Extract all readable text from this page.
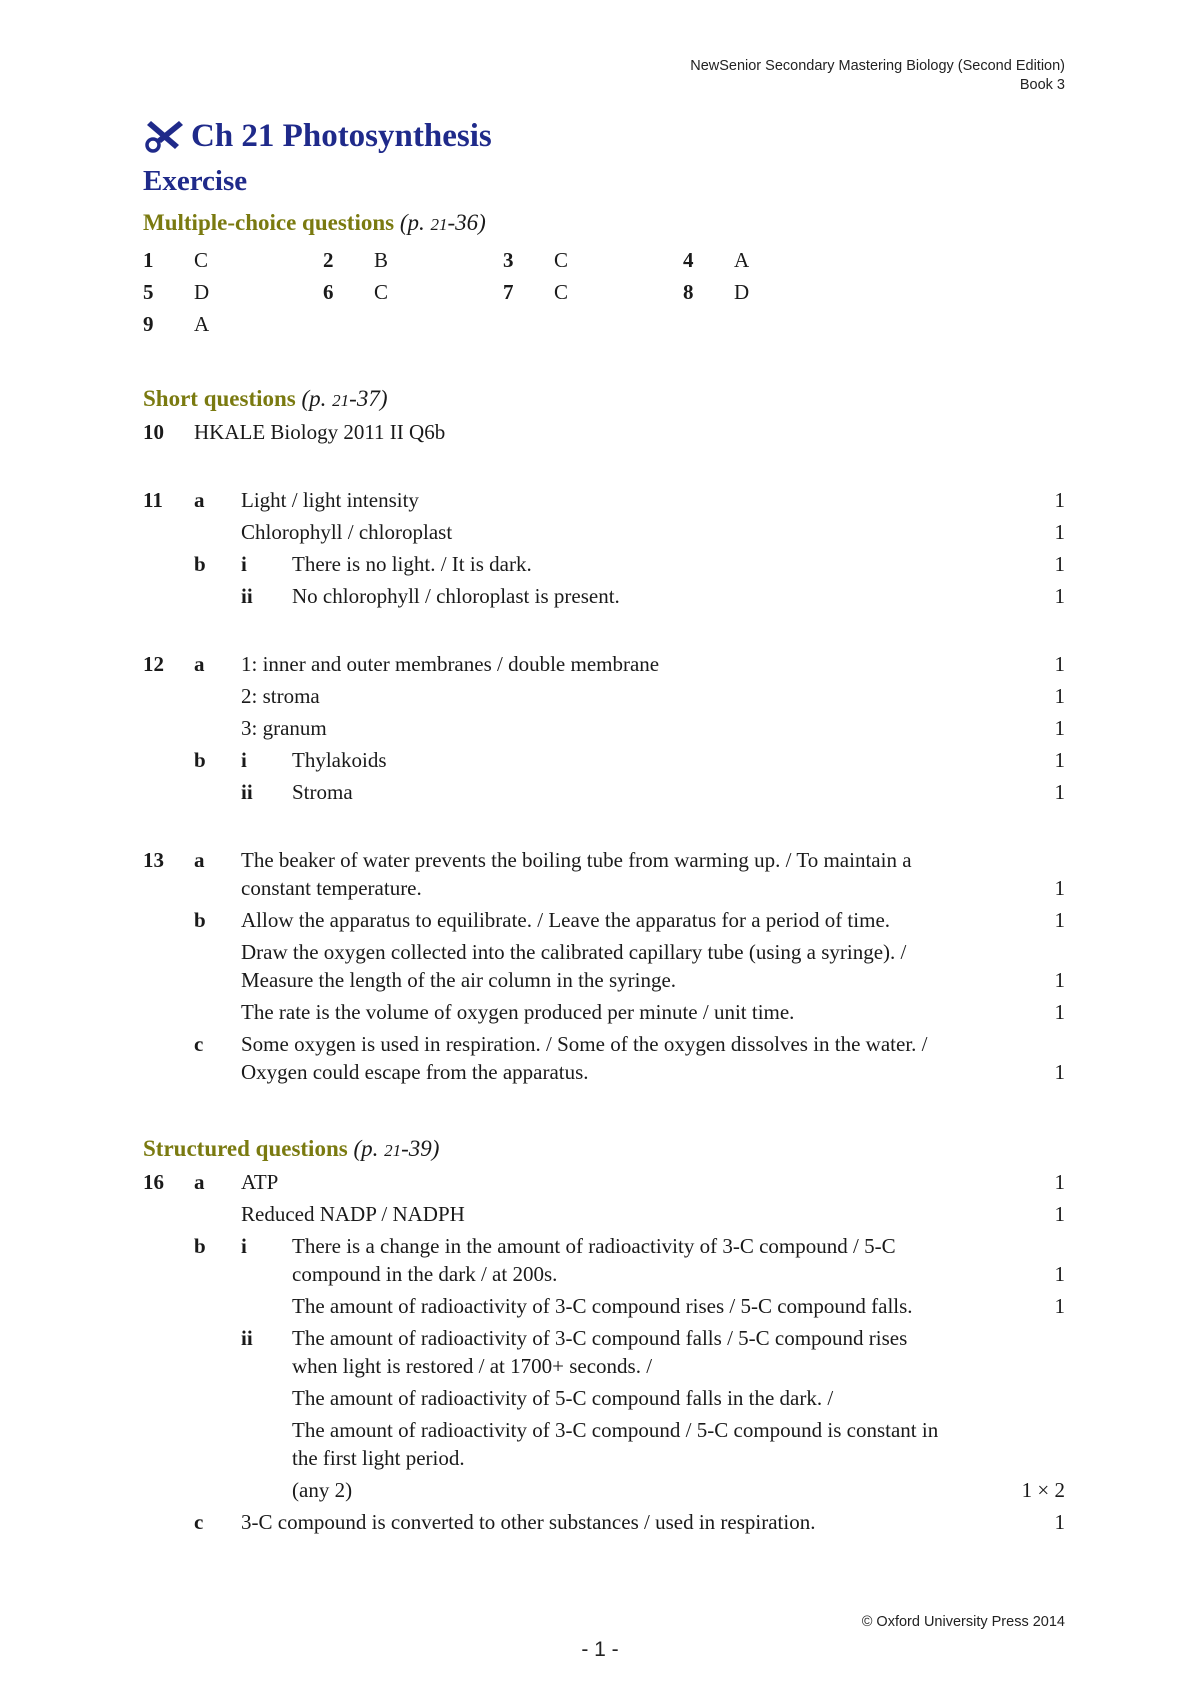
NewSenior Secondary Mastering Biology (Second Edition)
Book 3
Ch 21 Photosynthesis
Exercise
Multiple-choice questions (p. 21-36)
1	C	2	B	3	C	4	A
5	D	6	C	7	C	8	D
9	A
Short questions (p. 21-37)
10	HKALE Biology 2011 II Q6b
11	a	Light / light intensity	1
Chlorophyll / chloroplast	1
b	i	There is no light. / It is dark.	1
ii	No chlorophyll / chloroplast is present.	1
12	a	1: inner and outer membranes / double membrane	1
2: stroma	1
3: granum	1
b	i	Thylakoids	1
ii	Stroma	1
13	a	The beaker of water prevents the boiling tube from warming up. / To maintain a
constant temperature.	1
b	Allow the apparatus to equilibrate. / Leave the apparatus for a period of time.	1
Draw the oxygen collected into the calibrated capillary tube (using a syringe). /
Measure the length of the air column in the syringe.	1
The rate is the volume of oxygen produced per minute / unit time.	1
c	Some oxygen is used in respiration. / Some of the oxygen dissolves in the water. /
Oxygen could escape from the apparatus.	1
Structured questions (p. 21-39)
16	a	ATP	1
Reduced NADP / NADPH	1
b	i	There is a change in the amount of radioactivity of 3-C compound / 5-C
compound in the dark / at 200s.	1
The amount of radioactivity of 3-C compound rises / 5-C compound falls.	1
ii	The amount of radioactivity of 3-C compound falls / 5-C compound rises
when light is restored / at 1700+ seconds. /
The amount of radioactivity of 5-C compound falls in the dark. /
The amount of radioactivity of 3-C compound / 5-C compound is constant in
the first light period.
(any 2)	1 × 2
c	3-C compound is converted to other substances / used in respiration.	1
© Oxford University Press 2014
- 1 -
